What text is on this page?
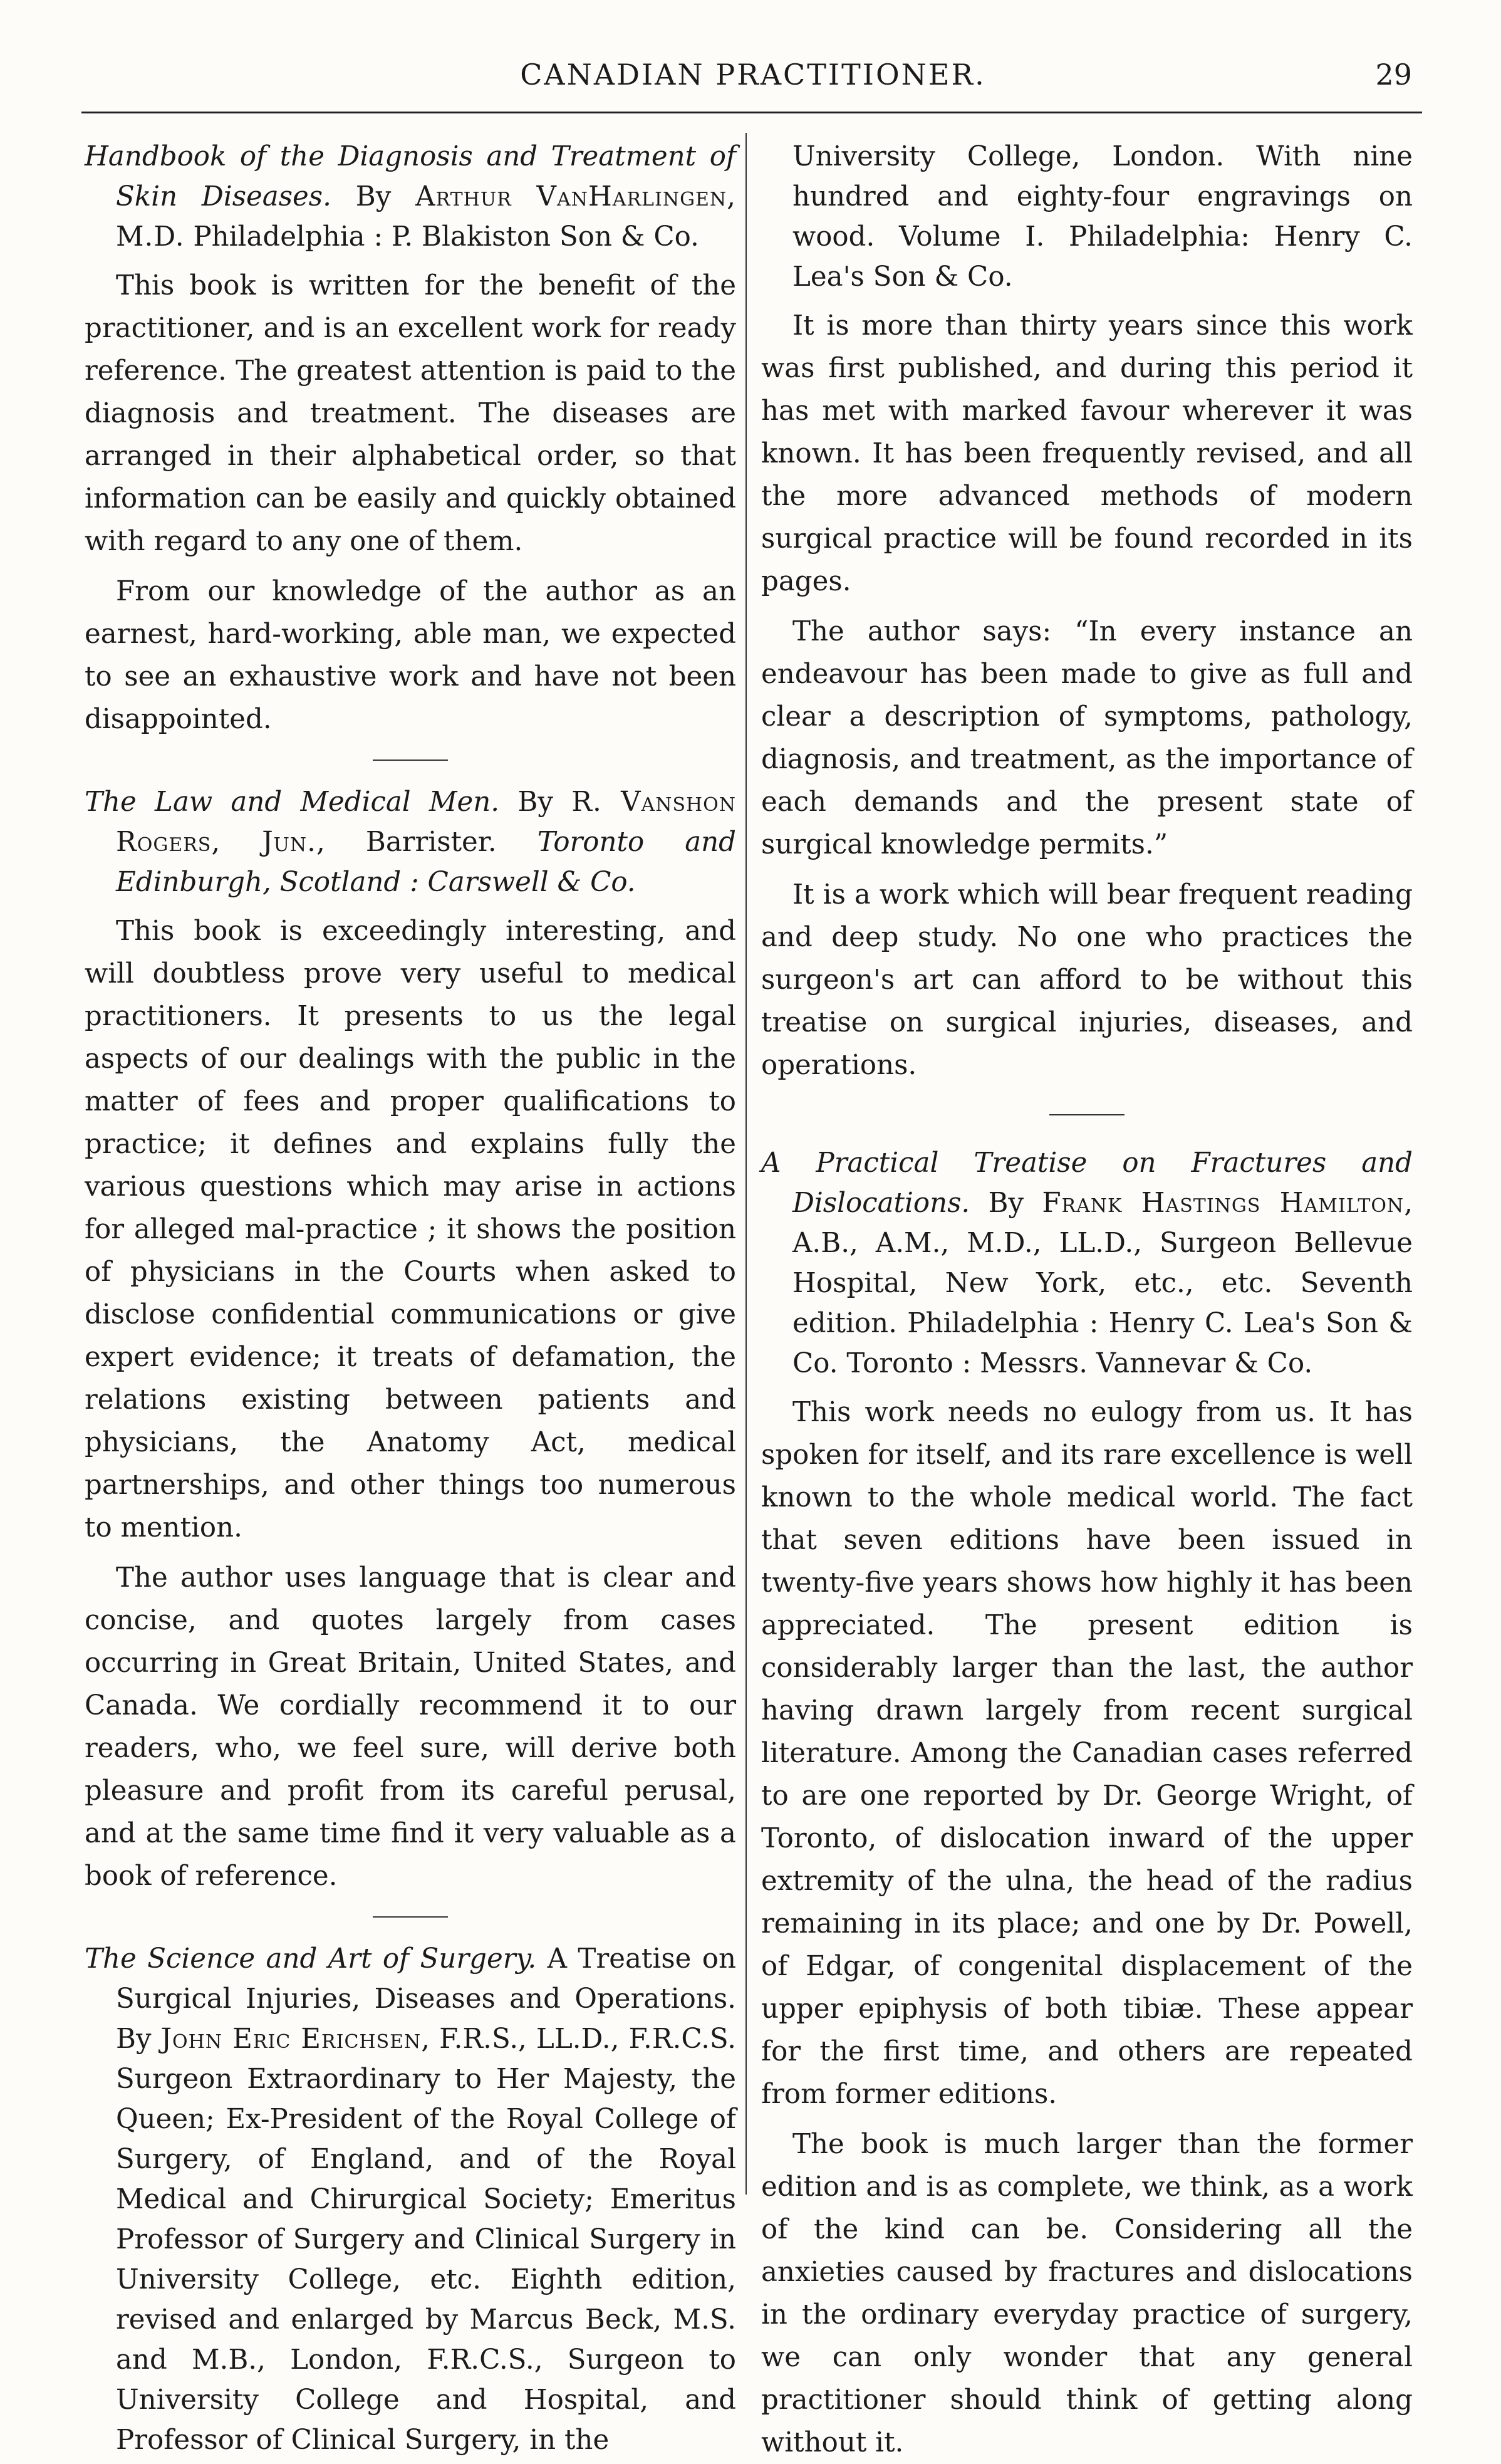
CANADIAN PRACTITIONER.	29

Handbook of the Diagnosis and Treatment of Skin Diseases. By Arthur VanHarlingen, M.D. Philadelphia : P. Blakiston Son & Co.

This book is written for the benefit of the practitioner, and is an excellent work for ready reference. The greatest attention is paid to the diagnosis and treatment. The diseases are arranged in their alphabetical order, so that information can be easily and quickly obtained with regard to any one of them.

From our knowledge of the author as an earnest, hard-working, able man, we expected to see an exhaustive work and have not been disappointed.

The Law and Medical Men. By R. Vanshon Rogers, Jun., Barrister. Toronto and Edinburgh, Scotland : Carswell & Co.

This book is exceedingly interesting, and will doubtless prove very useful to medical practitioners. It presents to us the legal aspects of our dealings with the public in the matter of fees and proper qualifications to practice; it defines and explains fully the various questions which may arise in actions for alleged mal-practice ; it shows the position of physicians in the Courts when asked to disclose confidential communications or give expert evidence; it treats of defamation, the relations existing between patients and physicians, the Anatomy Act, medical partnerships, and other things too numerous to mention.

The author uses language that is clear and concise, and quotes largely from cases occurring in Great Britain, United States, and Canada. We cordially recommend it to our readers, who, we feel sure, will derive both pleasure and profit from its careful perusal, and at the same time find it very valuable as a book of reference.

The Science and Art of Surgery. A Treatise on Surgical Injuries, Diseases and Operations. By John Eric Erichsen, F.R.S., LL.D., F.R.C.S. Surgeon Extraordinary to Her Majesty, the Queen; Ex-President of the Royal College of Surgery, of England, and of the Royal Medical and Chirurgical Society; Emeritus Professor of Surgery and Clinical Surgery in University College, etc. Eighth edition, revised and enlarged by Marcus Beck, M.S. and M.B., London, F.R.C.S., Surgeon to University College and Hospital, and Professor of Clinical Surgery, in the

University College, London. With nine hundred and eighty-four engravings on wood. Volume I. Philadelphia: Henry C. Lea's Son & Co.

It is more than thirty years since this work was first published, and during this period it has met with marked favour wherever it was known. It has been frequently revised, and all the more advanced methods of modern surgical practice will be found recorded in its pages.

The author says: “In every instance an endeavour has been made to give as full and clear a description of symptoms, pathology, diagnosis, and treatment, as the importance of each demands and the present state of surgical knowledge permits.”

It is a work which will bear frequent reading and deep study. No one who practices the surgeon's art can afford to be without this treatise on surgical injuries, diseases, and operations.

A Practical Treatise on Fractures and Dislocations. By Frank Hastings Hamilton, A.B., A.M., M.D., LL.D., Surgeon Bellevue Hospital, New York, etc., etc. Seventh edition. Philadelphia : Henry C. Lea's Son & Co. Toronto : Messrs. Vannevar & Co.

This work needs no eulogy from us. It has spoken for itself, and its rare excellence is well known to the whole medical world. The fact that seven editions have been issued in twenty-five years shows how highly it has been appreciated. The present edition is considerably larger than the last, the author having drawn largely from recent surgical literature. Among the Canadian cases referred to are one reported by Dr. George Wright, of Toronto, of dislocation inward of the upper extremity of the ulna, the head of the radius remaining in its place; and one by Dr. Powell, of Edgar, of congenital displacement of the upper epiphysis of both tibiæ. These appear for the first time, and others are repeated from former editions.

The book is much larger than the former edition and is as complete, we think, as a work of the kind can be. Considering all the anxieties caused by fractures and dislocations in the ordinary everyday practice of surgery, we can only wonder that any general practitioner should think of getting along without it.
